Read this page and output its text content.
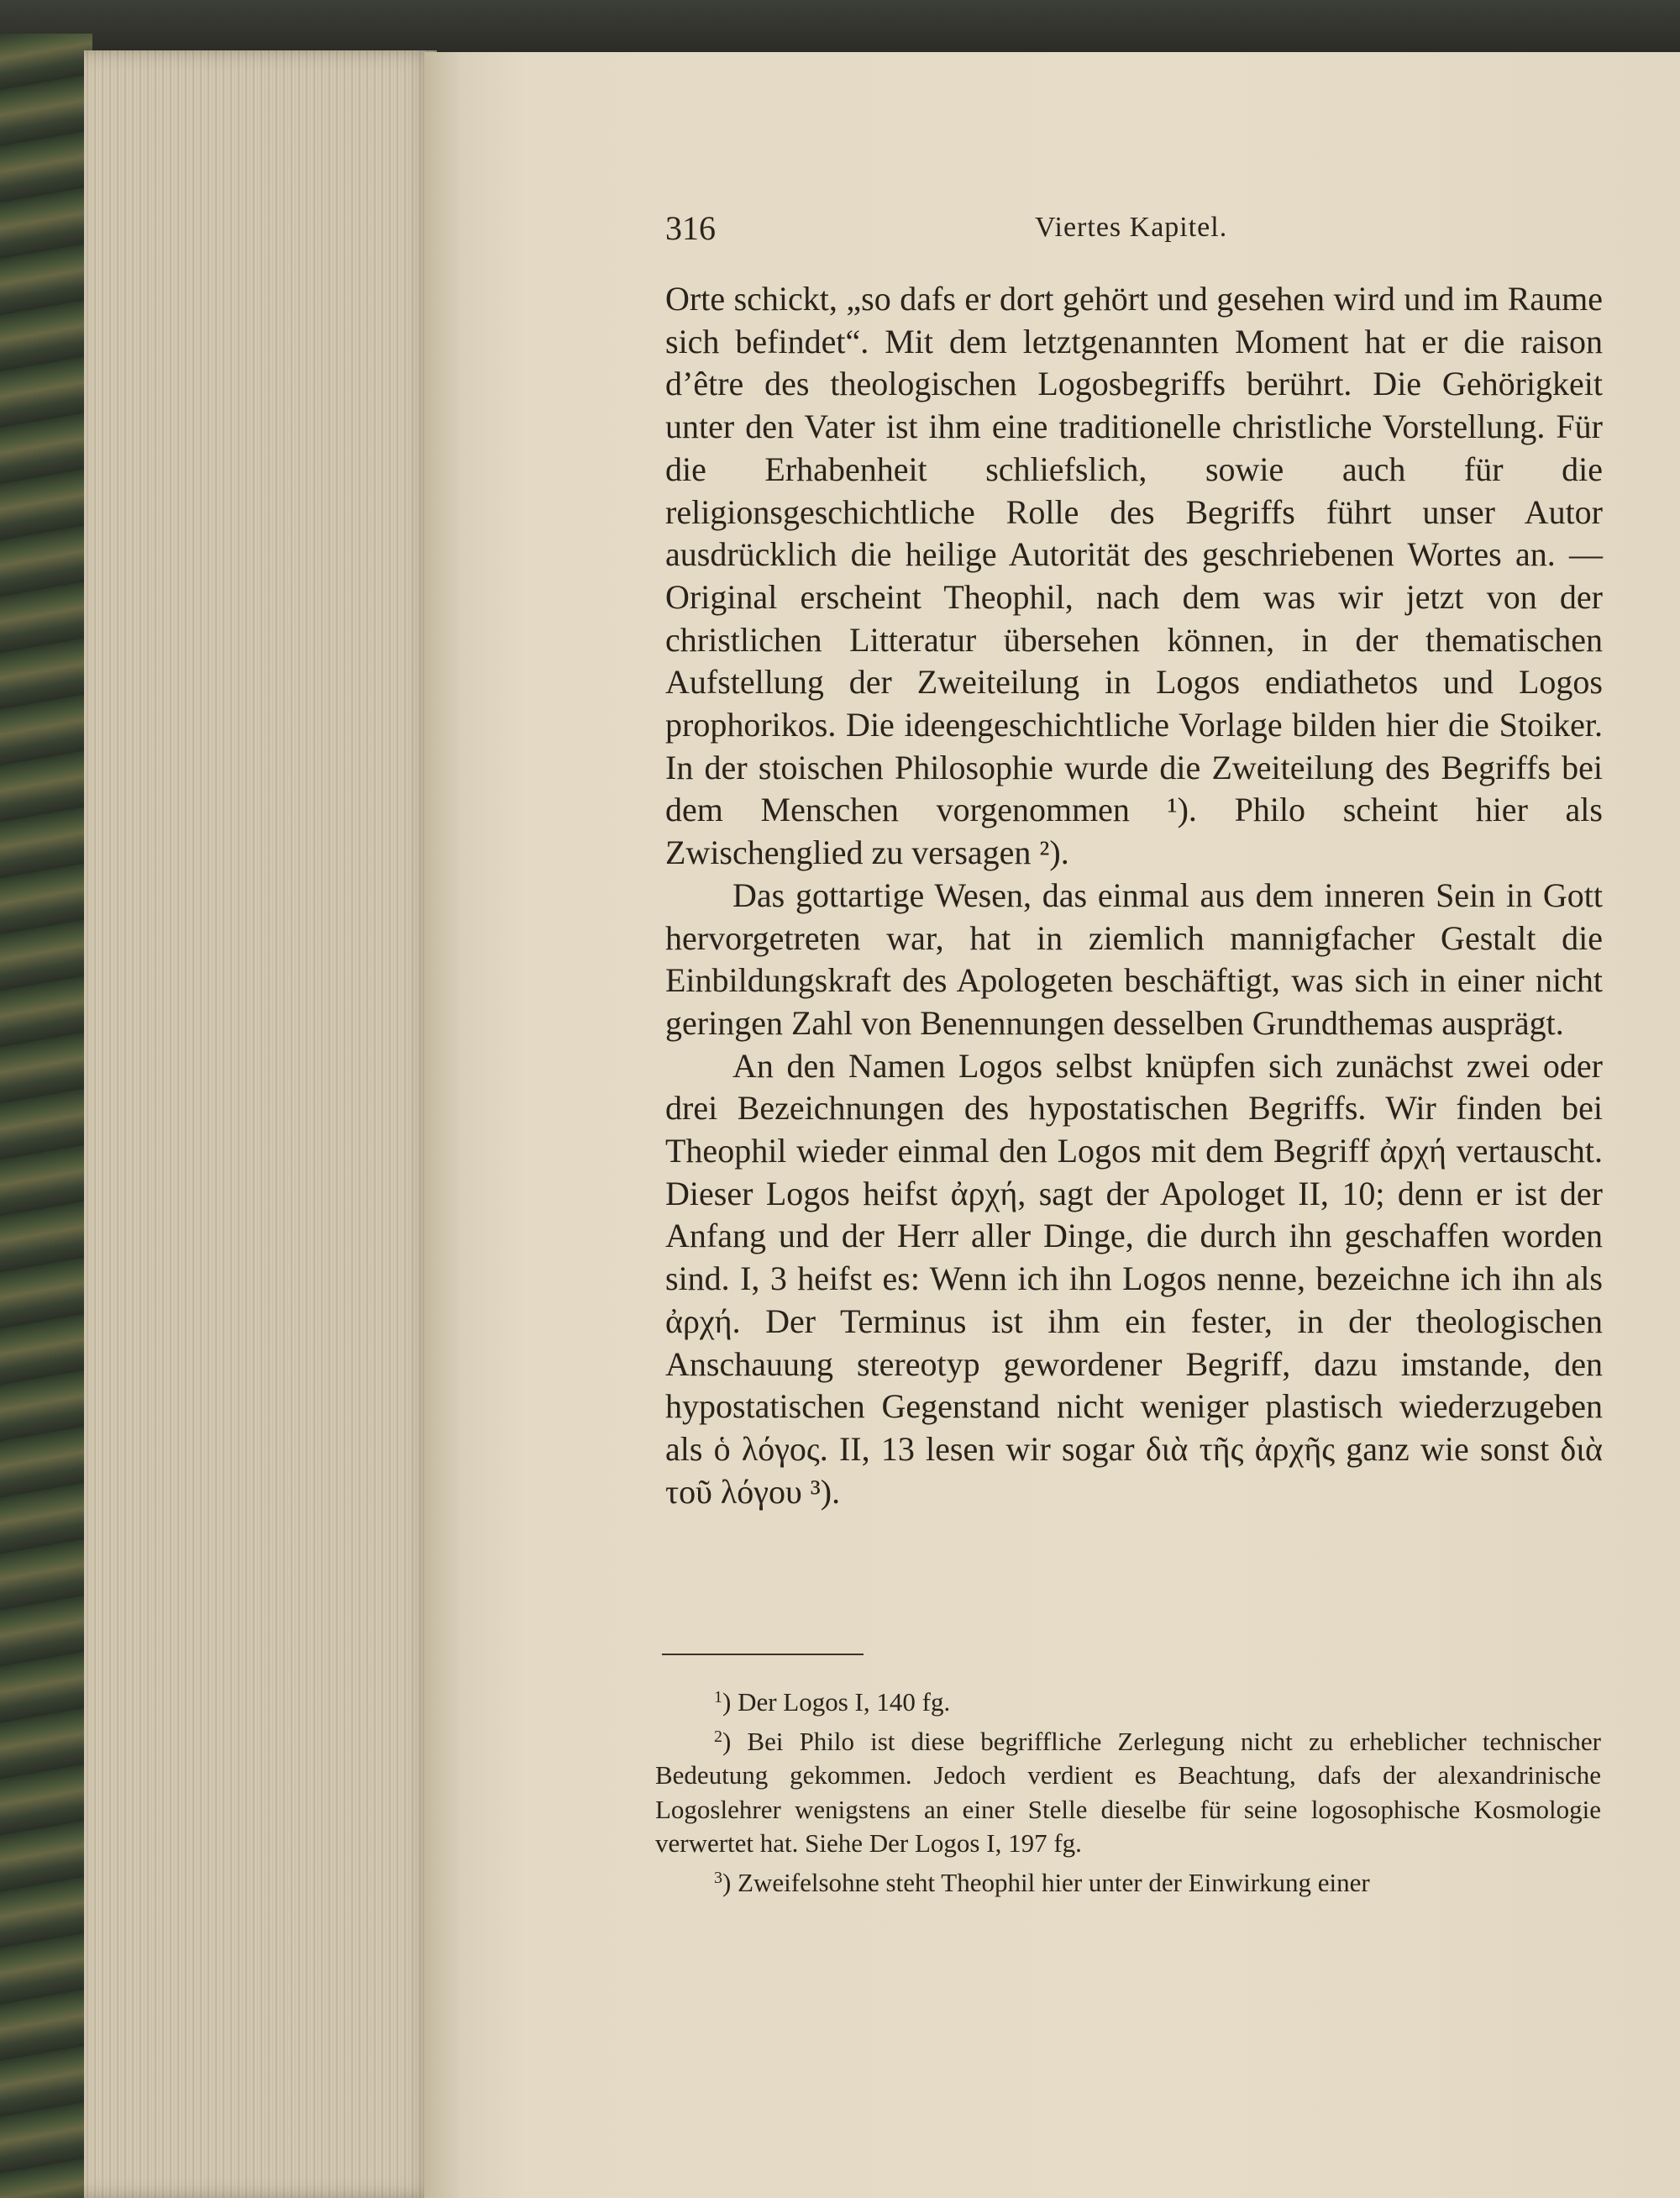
316	Viertes Kapitel.

Orte schickt, „so dafs er dort gehört und gesehen wird und im Raume sich befindet“. Mit dem letztgenannten Moment hat er die raison d’être des theologischen Logosbegriffs berührt. Die Gehörigkeit unter den Vater ist ihm eine traditionelle christliche Vorstellung. Für die Erhabenheit schliefslich, sowie auch für die religionsgeschichtliche Rolle des Begriffs führt unser Autor ausdrücklich die heilige Autorität des geschriebenen Wortes an. — Original erscheint Theophil, nach dem was wir jetzt von der christlichen Litteratur übersehen können, in der thematischen Aufstellung der Zweiteilung in Logos endiathetos und Logos prophorikos. Die ideengeschichtliche Vorlage bilden hier die Stoiker. In der stoischen Philosophie wurde die Zweiteilung des Begriffs bei dem Menschen vorgenommen ¹). Philo scheint hier als Zwischenglied zu versagen ²).

Das gottartige Wesen, das einmal aus dem inneren Sein in Gott hervorgetreten war, hat in ziemlich mannigfacher Gestalt die Einbildungskraft des Apologeten beschäftigt, was sich in einer nicht geringen Zahl von Benennungen desselben Grundthemas ausprägt.

An den Namen Logos selbst knüpfen sich zunächst zwei oder drei Bezeichnungen des hypostatischen Begriffs. Wir finden bei Theophil wieder einmal den Logos mit dem Begriff ἀρχή vertauscht. Dieser Logos heifst ἀρχή, sagt der Apologet II, 10; denn er ist der Anfang und der Herr aller Dinge, die durch ihn geschaffen worden sind. I, 3 heifst es: Wenn ich ihn Logos nenne, bezeichne ich ihn als ἀρχή. Der Terminus ist ihm ein fester, in der theologischen Anschauung stereotyp gewordener Begriff, dazu imstande, den hypostatischen Gegenstand nicht weniger plastisch wiederzugeben als ὁ λόγος. II, 13 lesen wir sogar διὰ τῆς ἀρχῆς ganz wie sonst διὰ τοῦ λόγου ³).

$^1$) Der Logos I, 140 fg.

$^2$) Bei Philo ist diese begriffliche Zerlegung nicht zu erheblicher technischer Bedeutung gekommen. Jedoch verdient es Beachtung, dafs der alexandrinische Logoslehrer wenigstens an einer Stelle dieselbe für seine logosophische Kosmologie verwertet hat. Siehe Der Logos I, 197 fg.

$^3$) Zweifelsohne steht Theophil hier unter der Einwirkung einer
